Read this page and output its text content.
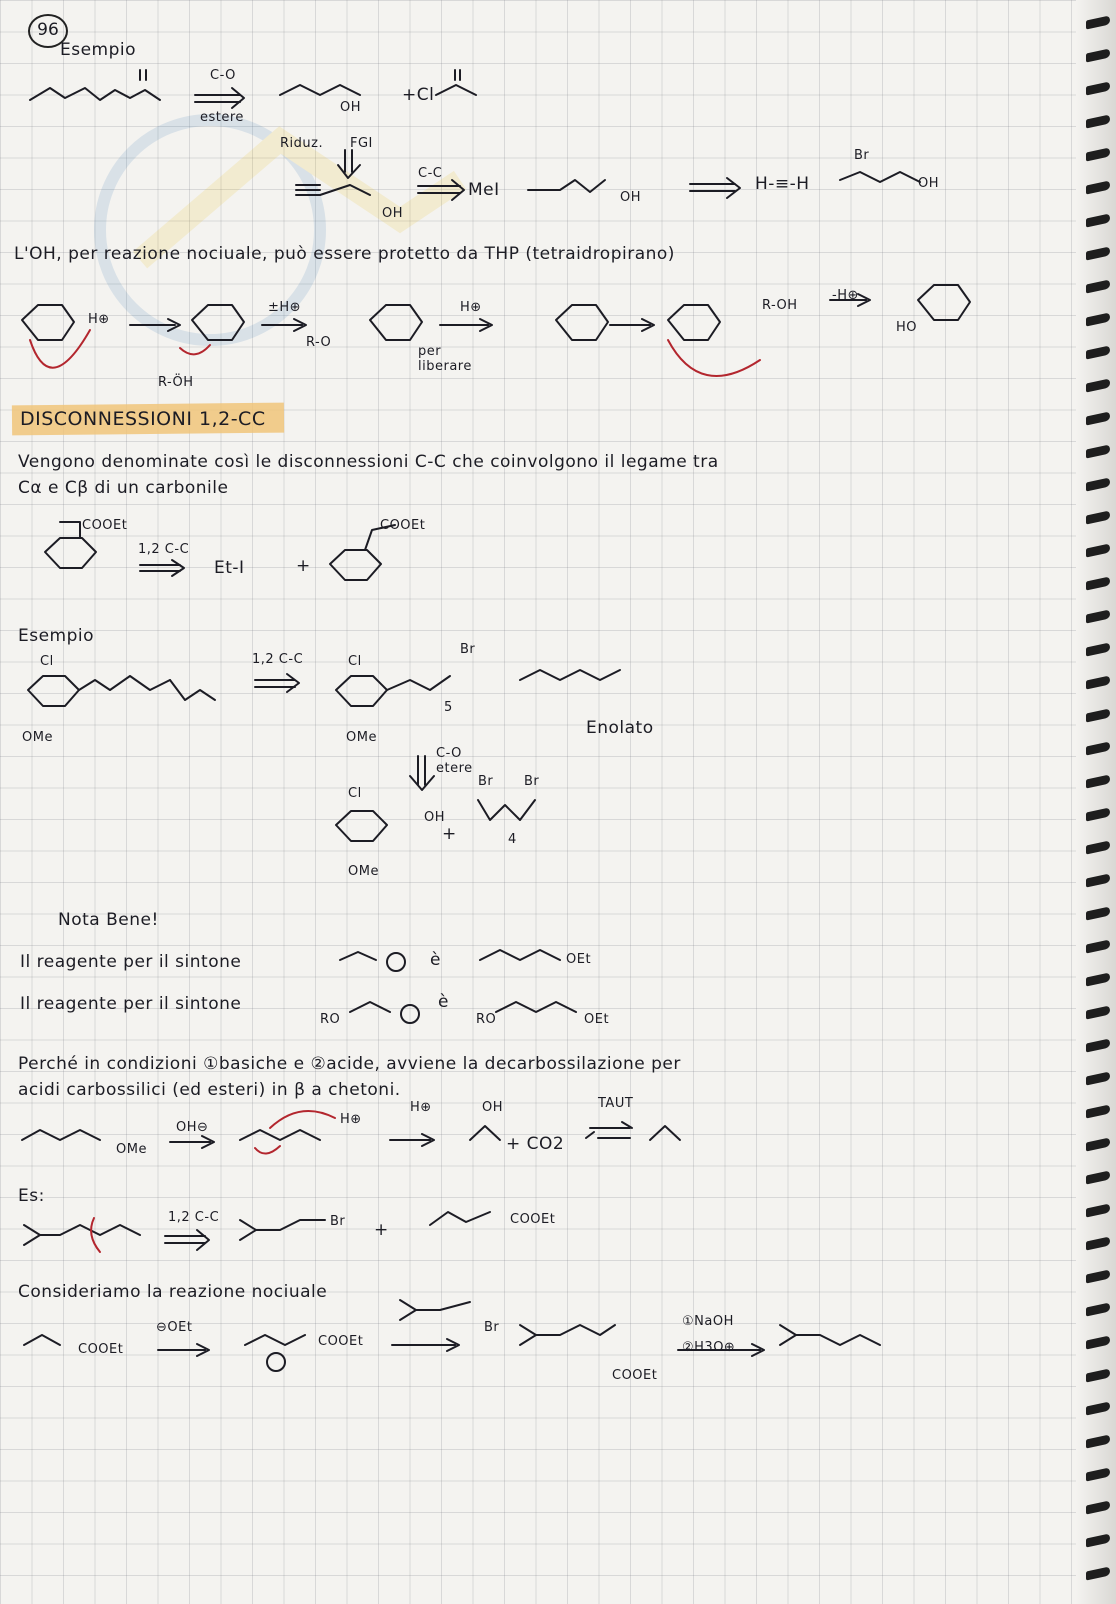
96
Esempio
C-O
estere
+Cl
Riduz. FGI
C-C
MeI	H-≡-H
Br
OH
OH
OH
OH
L'OH, per reazione nociuale, può essere protetto da THP (tetraidropirano)
H⊕
±H⊕
R-ÖH
R-O
H⊕
per liberare
R-OH
-H⊕
HO
DISCONNESSIONI 1,2-CC
Vengono denominate così le disconnessioni C-C che coinvolgono il legame tra
Cα e Cβ di un carbonile
COOEt
1,2 C-C
Et-I	+
COOEt
Esempio
Cl
OMe
1,2 C-C	Cl
Br
OMe
5
Enolato
C-O etere
Cl
OH
OMe
+
Br Br
4
Nota Bene!
Il reagente per il sintone
Il reagente per il sintone
è	OEt
RO
è
RO	OEt
Perché in condizioni ①basiche e ②acide, avviene la decarbossilazione per
acidi carbossilici (ed esteri) in β a chetoni.
OMe
OH⊖
H⊕
H⊕	OH
+ CO2
TAUT
Es:
1,2 C-C	Br +
COOEt
Consideriamo la reazione nociuale
COOEt
⊖OEt
COOEt
Br
COOEt
①NaOH
②H3O⊕
